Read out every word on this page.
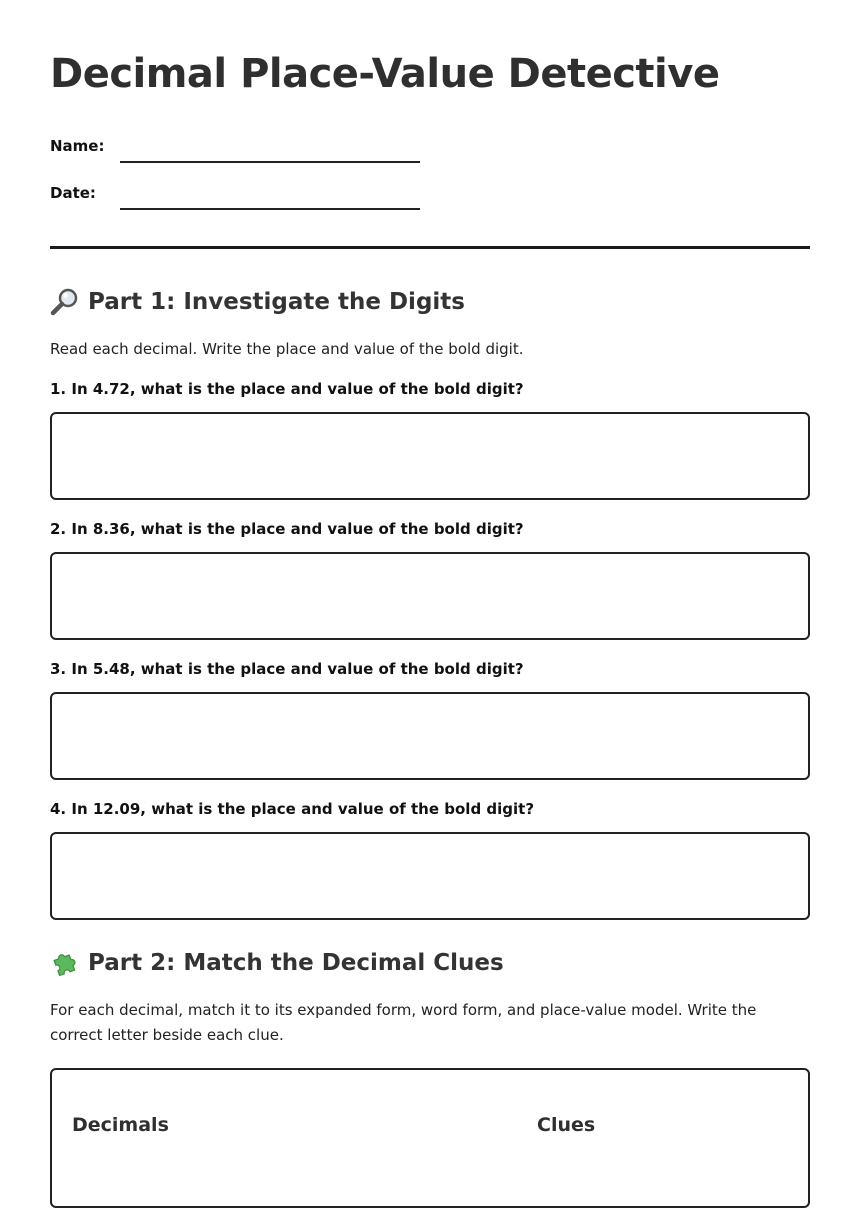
Decimal Place-Value Detective
Name:
Date:
Part 1: Investigate the Digits

Read each decimal. Write the place and value of the bold digit.

1. In 4.72, what is the place and value of the bold digit?

2. In 8.36, what is the place and value of the bold digit?

3. In 5.48, what is the place and value of the bold digit?

4. In 12.09, what is the place and value of the bold digit?

Part 2: Match the Decimal Clues

For each decimal, match it to its expanded form, word form, and place-value model. Write the correct letter beside each clue.

Decimals	Clues
